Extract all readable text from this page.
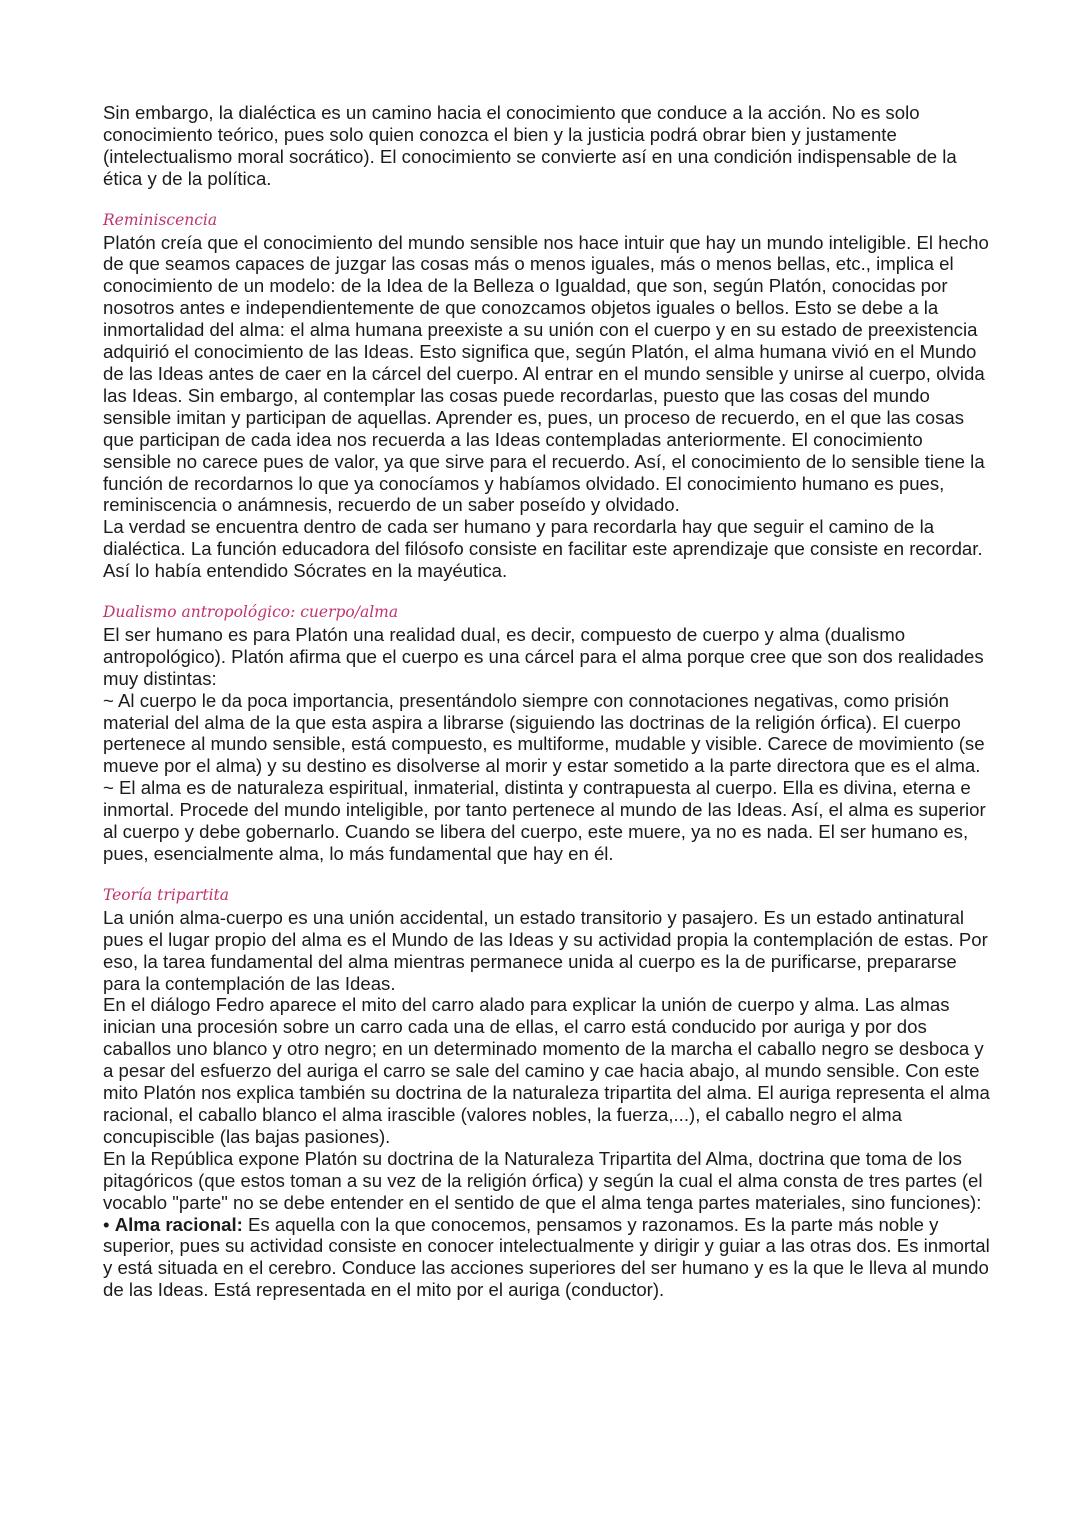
Sin embargo, la dialéctica es un camino hacia el conocimiento que conduce a la acción. No es solo conocimiento teórico, pues solo quien conozca el bien y la justicia podrá obrar bien y justamente (intelectualismo moral socrático). El conocimiento se convierte así en una condición indispensable de la ética y de la política.

Reminiscencia

Platón creía que el conocimiento del mundo sensible nos hace intuir que hay un mundo inteligible. El hecho de que seamos capaces de juzgar las cosas más o menos iguales, más o menos bellas, etc., implica el conocimiento de un modelo: de la Idea de la Belleza o Igualdad, que son, según Platón, conocidas por nosotros antes e independientemente de que conozcamos objetos iguales o bellos. Esto se debe a la inmortalidad del alma: el alma humana preexiste a su unión con el cuerpo y en su estado de preexistencia adquirió el conocimiento de las Ideas. Esto significa que, según Platón, el alma humana vivió en el Mundo de las Ideas antes de caer en la cárcel del cuerpo. Al entrar en el mundo sensible y unirse al cuerpo, olvida las Ideas. Sin embargo, al contemplar las cosas puede recordarlas, puesto que las cosas del mundo sensible imitan y participan de aquellas. Aprender es, pues, un proceso de recuerdo, en el que las cosas que participan de cada idea nos recuerda a las Ideas contempladas anteriormente. El conocimiento sensible no carece pues de valor, ya que sirve para el recuerdo. Así, el conocimiento de lo sensible tiene la función de recordarnos lo que ya conocíamos y habíamos olvidado. El conocimiento humano es pues, reminiscencia o anámnesis, recuerdo de un saber poseído y olvidado.

La verdad se encuentra dentro de cada ser humano y para recordarla hay que seguir el camino de la dialéctica. La función educadora del filósofo consiste en facilitar este aprendizaje que consiste en recordar. Así lo había entendido Sócrates en la mayéutica.

Dualismo antropológico: cuerpo/alma

El ser humano es para Platón una realidad dual, es decir, compuesto de cuerpo y alma (dualismo antropológico). Platón afirma que el cuerpo es una cárcel para el alma porque cree que son dos realidades muy distintas:

~ Al cuerpo le da poca importancia, presentándolo siempre con connotaciones negativas, como prisión material del alma de la que esta aspira a librarse (siguiendo las doctrinas de la religión órfica). El cuerpo pertenece al mundo sensible, está compuesto, es multiforme, mudable y visible. Carece de movimiento (se mueve por el alma) y su destino es disolverse al morir y estar sometido a la parte directora que es el alma.

~ El alma es de naturaleza espiritual, inmaterial, distinta y contrapuesta al cuerpo. Ella es divina, eterna e inmortal. Procede del mundo inteligible, por tanto pertenece al mundo de las Ideas. Así, el alma es superior al cuerpo y debe gobernarlo. Cuando se libera del cuerpo, este muere, ya no es nada. El ser humano es, pues, esencialmente alma, lo más fundamental que hay en él.

Teoría tripartita

La unión alma-cuerpo es una unión accidental, un estado transitorio y pasajero. Es un estado antinatural pues el lugar propio del alma es el Mundo de las Ideas y su actividad propia la contemplación de estas. Por eso, la tarea fundamental del alma mientras permanece unida al cuerpo es la de purificarse, prepararse para la contemplación de las Ideas.

En el diálogo Fedro aparece el mito del carro alado para explicar la unión de cuerpo y alma. Las almas inician una procesión sobre un carro cada una de ellas, el carro está conducido por auriga y por dos caballos uno blanco y otro negro; en un determinado momento de la marcha el caballo negro se desboca y a pesar del esfuerzo del auriga el carro se sale del camino y cae hacia abajo, al mundo sensible. Con este mito Platón nos explica también su doctrina de la naturaleza tripartita del alma. El auriga representa el alma racional, el caballo blanco el alma irascible (valores nobles, la fuerza,...), el caballo negro el alma concupiscible (las bajas pasiones).

En la República expone Platón su doctrina de la Naturaleza Tripartita del Alma, doctrina que toma de los pitagóricos (que estos toman a su vez de la religión órfica) y según la cual el alma consta de tres partes (el vocablo "parte" no se debe entender en el sentido de que el alma tenga partes materiales, sino funciones):

• Alma racional: Es aquella con la que conocemos, pensamos y razonamos. Es la parte más noble y superior, pues su actividad consiste en conocer intelectualmente y dirigir y guiar a las otras dos. Es inmortal y está situada en el cerebro. Conduce las acciones superiores del ser humano y es la que le lleva al mundo de las Ideas. Está representada en el mito por el auriga (conductor).
